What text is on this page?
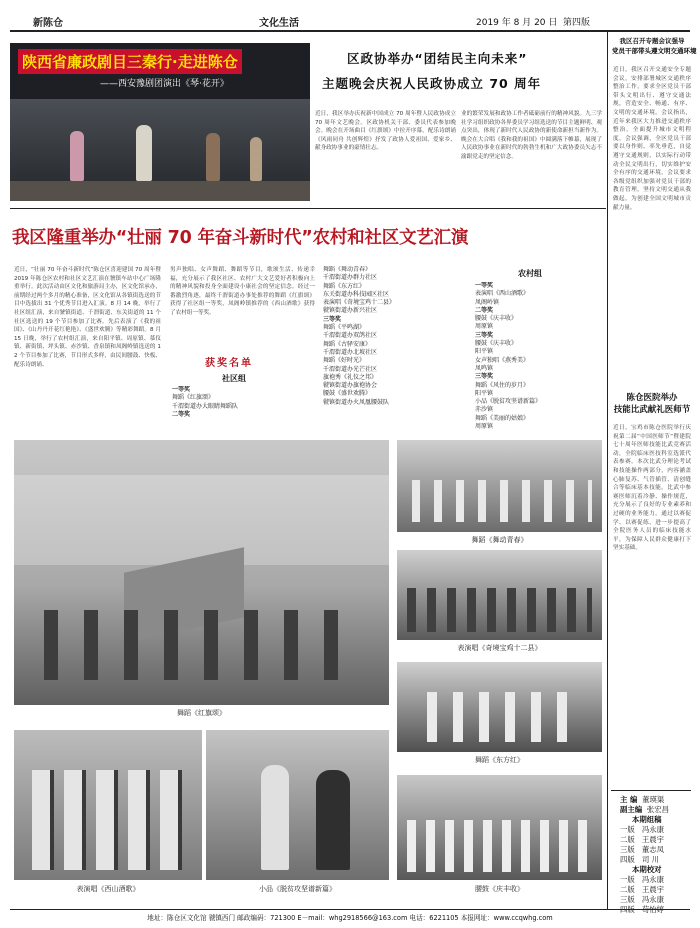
新陈仓	文化生活	2019 年 8 月 20 日 第四版
陕西省廉政剧目三秦行·走进陈仓
——西安豫剧团演出《琴·花开》
区政协举办“团结民主向未来”
主题晚会庆祝人民政协成立 70 周年
近日，我区举办庆祝新中国成立 70 周年暨人民政协成立 70 周年文艺晚会。区政协机关干部、委员代表参加晚会。晚会在开场曲目《红旗颂》中拉开序幕，配乐诗朗诵《风雨同舟 共创辉煌》抒发了政协人爱祖国、爱家乡、献身政协事业的豪情壮志。
业的繁荣发展和政协工作者砥砺前行的精神风貌。九三学社学习组织政协各界委员学习组选送的节目主题鲜明、观点突出，体现了新时代人民政协的新使命新担当新作为。晚会在大合唱《我和我的祖国》中圆满落下帷幕，展现了人民政协事业在新时代的勃勃生机和广大政协委员矢志不渝跟党走的坚定信念。
我区隆重举办“壮丽 70 年奋斗新时代”农村和社区文艺汇演
近日，“壮丽 70 年奋斗新时代”陈仓区喜迎建国 70 周年暨 2019 年陈仓区农村和社区文艺汇演在虢镇车站中心广场隆重举行。此次活动由区文化和旅游局主办，区文化馆承办，前期经过两个多月的精心准备，区文化馆从各镇街选送的节目中选拔出 31 个优秀节目进入汇演。8 月 14 晚，举行了社区组汇演，来自虢镇街道、千渭街道、东关街道的 11 个社区选送的 19 个节目参加了比赛。先后表演了《我的祖国》、《山丹丹开花红艳艳》、《盛世欢腾》等精彩舞蹈。8 月 15 日晚，举行了农村组汇演，来自阳平镇、周原镇、慕仪镇、新街镇、坪头镇、赤沙镇、香泉镇和凤阁岭镇选送的 12 个节目参加了比赛，节目形式多样，由民间腰鼓、快板、配乐诗朗诵、
男声独唱、女声舞蹈、舞蹈等节目，歌颂生活、传递幸福，充分展示了我区社区、农村广大文艺爱好者积极向上的精神风貌和投身全面建设小康社会的坚定信念。经过一番激烈角逐，最终千渭街道办事处推荐的舞蹈《红旗颂》获得了社区组一等奖，凤阁岭镇推荐的《西山酒歌》获得了农村组一等奖。
获奖名单
社区组
一等奖
舞蹈《红旗颂》
千渭街道办大眼睛舞蹈队
二等奖
舞蹈《舞动青春》
千渭街道办群力社区
舞蹈《东方红》
东关街道办科技园区社区
表演唱《奇境宝鸡十二县》
虢镇街道办新兴社区
三等奖
舞蹈《平鸣湖》
千渭街道办双鸽社区
舞蹈《古驿安康》
千渭街道办北坡社区
舞蹈《好时光》
千渭街道办光芒社区
旗袍秀《礼仪之邦》
虢镇街道办旗袍协会
腰鼓《盛世欢腾》
虢镇街道办火凤凰腰鼓队
农村组
一等奖
表演唱《西山酒歌》
凤阁岭镇
二等奖
腰鼓《庆丰收》
周原镇
三等奖
腰鼓《庆丰收》
阳平镇
女声独唱《燕秀美》
凤鸣镇
三等奖
舞蹈《风住的岁月》
阳平镇
小品《脱贫攻坚谱新篇》
赤沙镇
舞蹈《美丽的姑娘》
周原镇
舞蹈《红旗颂》
舞蹈《舞动青春》
表演唱《奇境宝鸡十二县》
舞蹈《东方红》
表演唱《西山酒歌》	小品《脱贫攻坚谱新篇》	腰鼓《庆丰收》
我区召开专题会议强导
党员干部带头遵文明交通环境
近日，我区召开交通安全专题会议，安排部署城区交通秩序整治工作，要求全区党员干部带头文明出行、遵守交通法规，营造安全、畅通、有序、文明的交通环境。会议指出，近年来我区大力推进交通秩序整治，全面提升城市文明程度。会议强调，全区党员干部要以身作则、率先垂范，自觉遵守交通规则，以实际行动带动全民文明出行，切实维护安全有序的交通环境。会议要求各级党组织加强对党员干部的教育管理，坚持文明交通从我做起，为创建全国文明城市贡献力量。
陈仓医院举办
技能比武献礼医师节
近日，宝鸡市陈仓医院举行庆祝第二届“中国医师节”暨建院七十周年医师技能比武竞赛活动，全院临床医技科室选派代表参赛。本次比武分理论考试和技能操作两部分，内容涵盖心肺复苏、气管插管、清创缝合等临床基本技能。比武中参赛医师沉着冷静、操作规范，充分展示了良好的专业素养和过硬的业务能力。通过以赛促学、以赛促练，进一步提高了全院医务人员的临床技能水平，为保障人民群众健康打下坚实基础。
主 编 董瑛渠
副主编 张宏昌
本期组稿
一版 冯永康
二版 王晨宇
三版 董志凤
四版 司 川
本期校对
一版 冯永康
二版 王晨宇
三版 冯永康

地址：陈仓区文化馆 虢镇西门 邮政编码：721300 E－mail：whg2918566@163.com 电话：6221105 本报网址：www.ccqwhg.com
